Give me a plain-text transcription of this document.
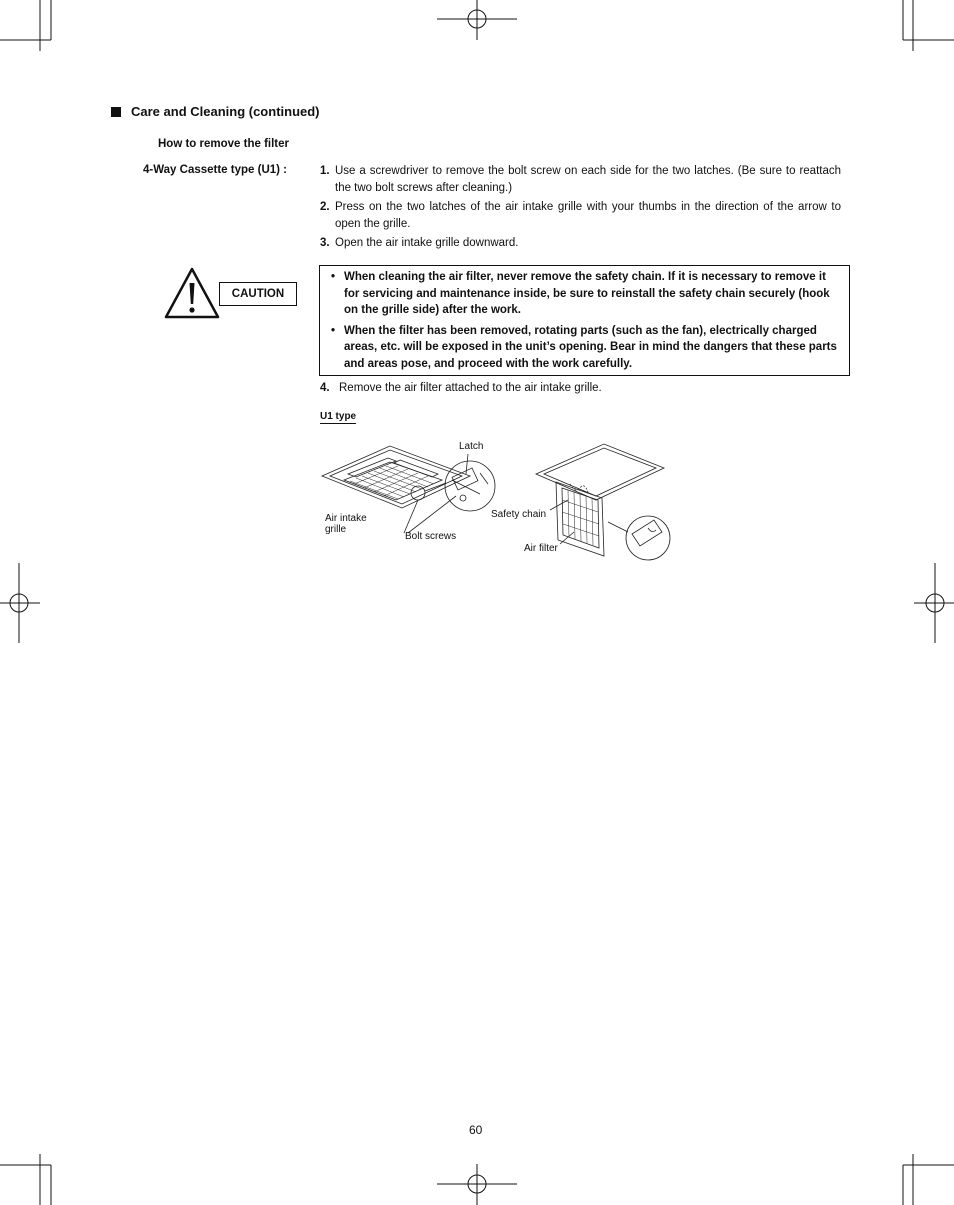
Care and Cleaning (continued)
How to remove the filter
4-Way Cassette type (U1) :	1. Use a screwdriver to remove the bolt screw on each side for the two latches. (Be sure to reattach the two bolt screws after cleaning.)
2. Press on the two latches of the air intake grille with your thumbs in the direction of the arrow to open the grille.
3. Open the air intake grille downward.
CAUTION
• When cleaning the air filter, never remove the safety chain. If it is necessary to remove it for servicing and maintenance inside, be sure to reinstall the safety chain securely (hook on the grille side) after the work.
• When the filter has been removed, rotating parts (such as the fan), electrically charged areas, etc. will be exposed in the unit’s opening. Bear in mind the dangers that these parts and areas pose, and proceed with the work carefully.
4. Remove the air filter attached to the air intake grille.
U1 type
Latch
Air intake
grille
Bolt screws
Safety chain
Air filter
60
